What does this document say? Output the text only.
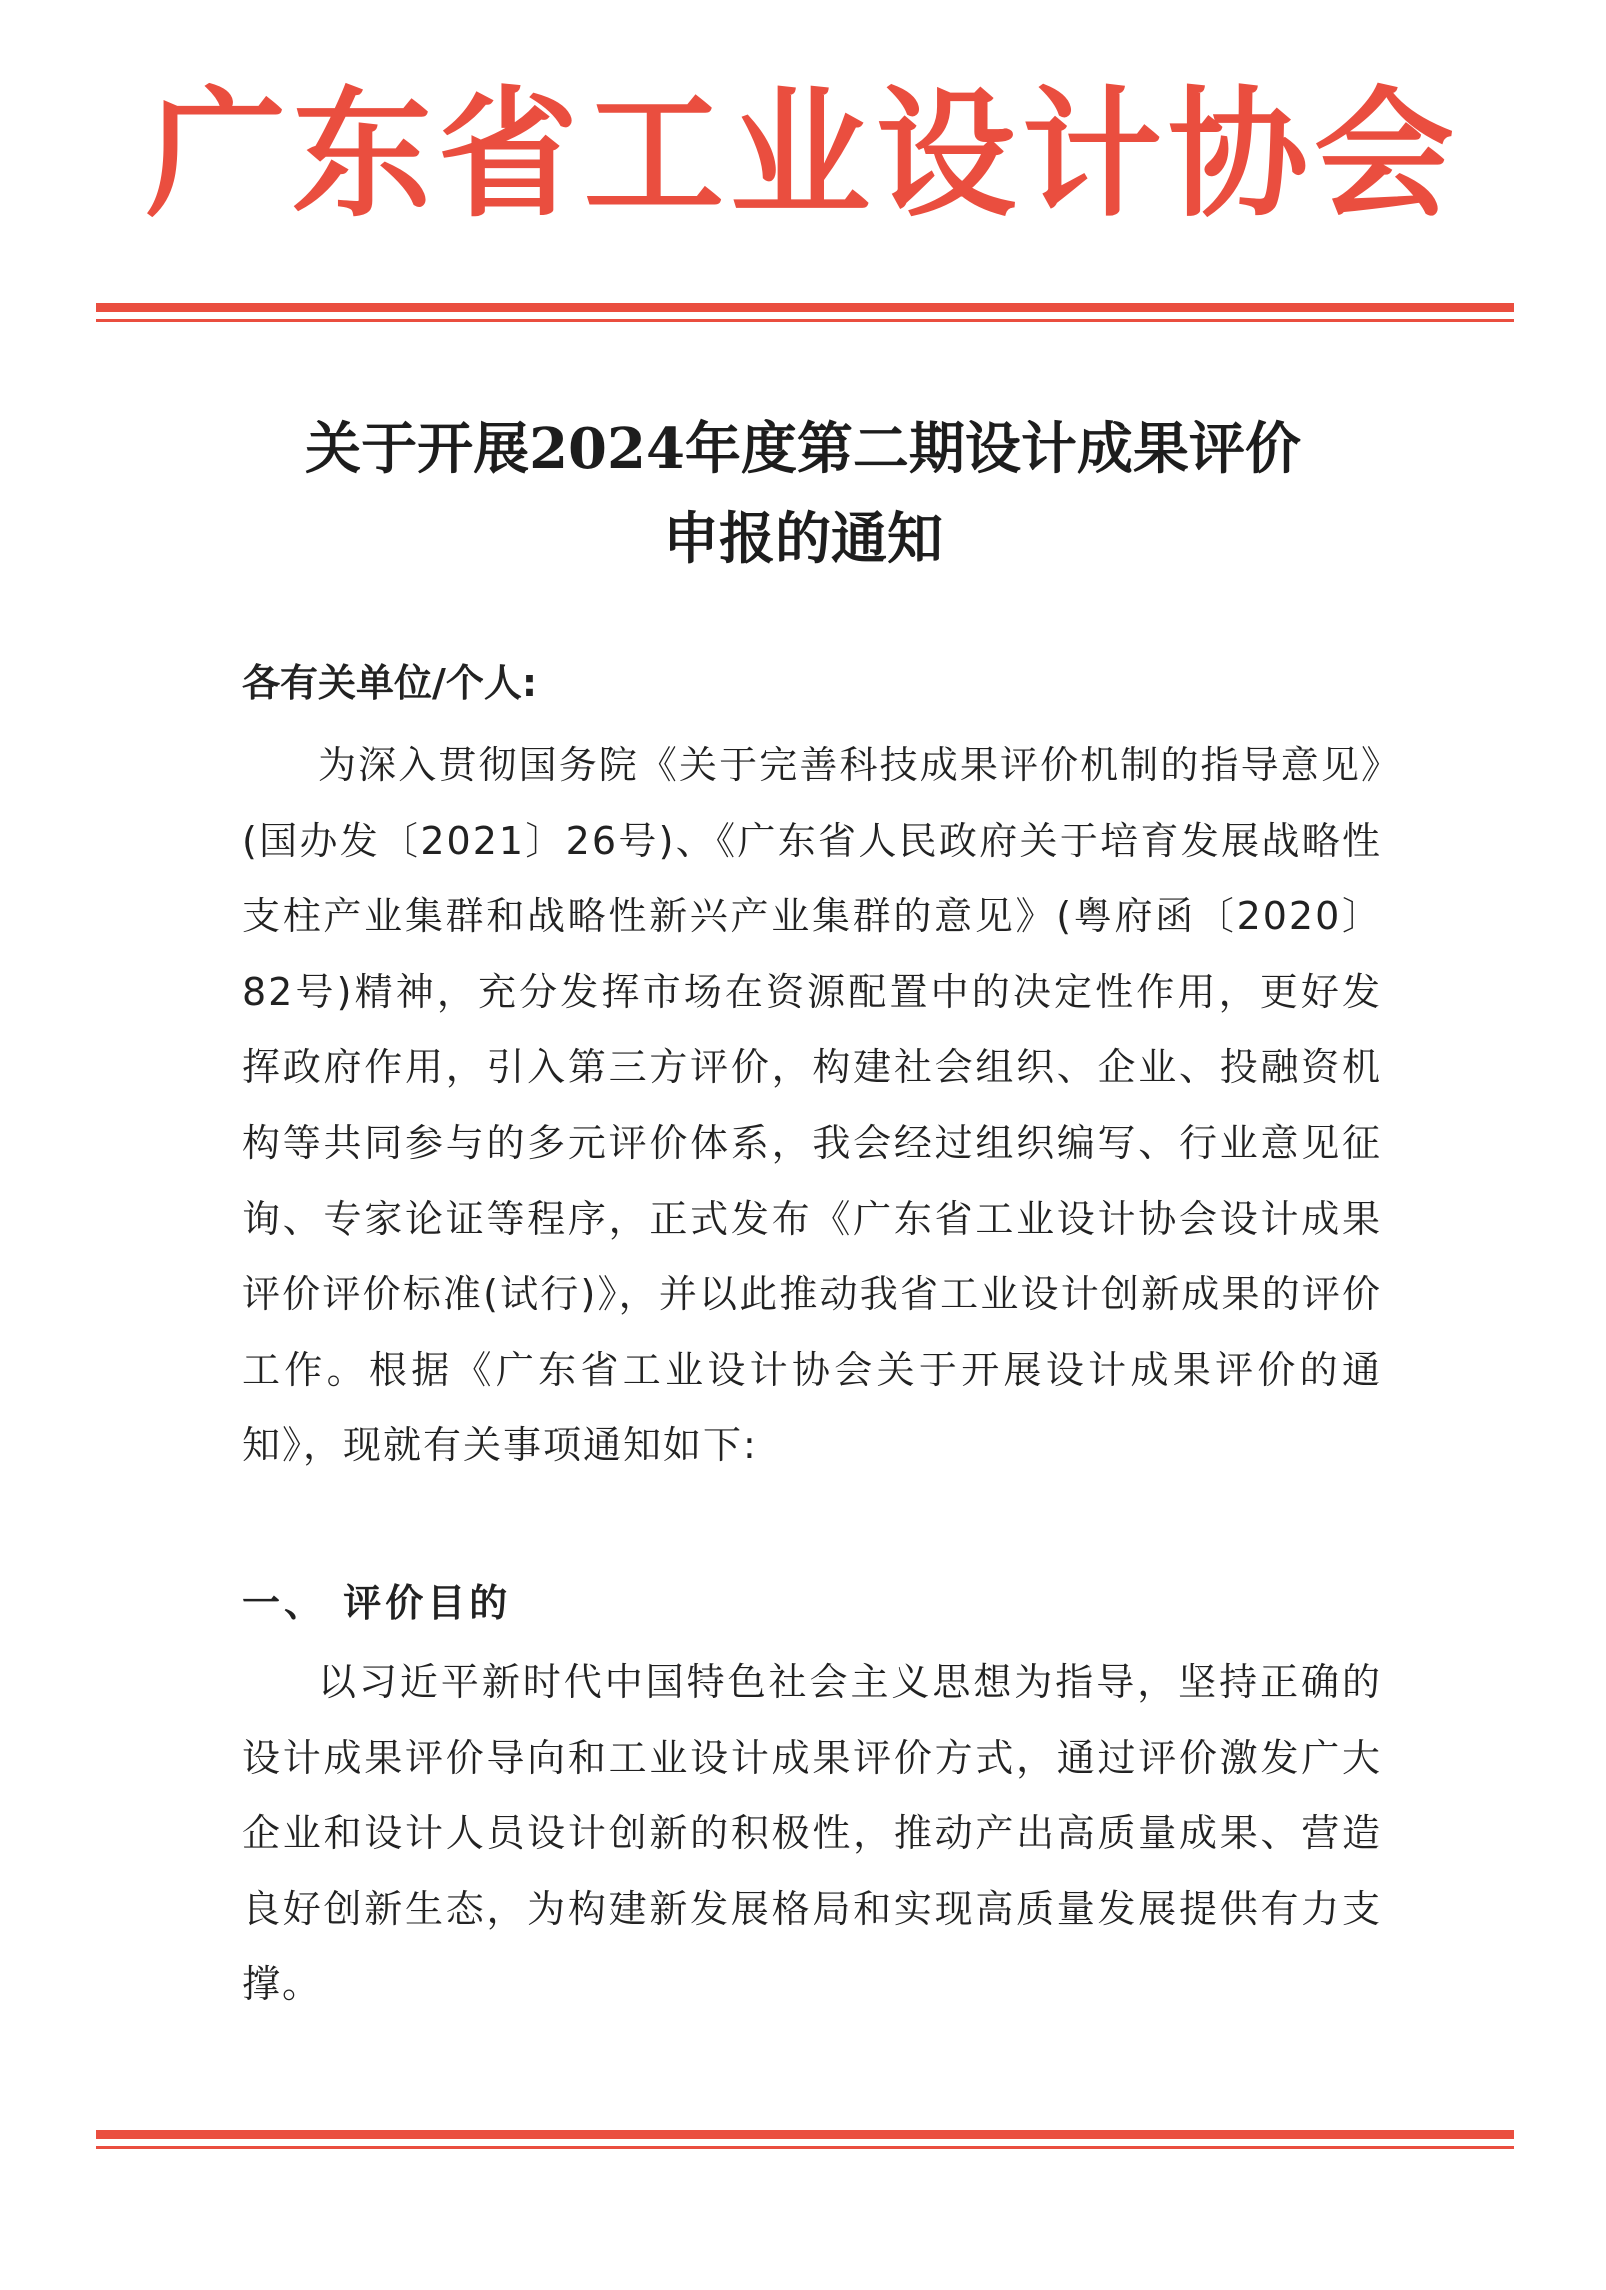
广东省工业设计协会
关于开展2024年度第二期设计成果评价
申报的通知
各有关单位/个人:

为深入贯彻国务院《关于完善科技成果评价机制的指导意见》(国办发〔2021〕26号)、《广东省人民政府关于培育发展战略性支柱产业集群和战略性新兴产业集群的意见》(粤府函〔2020〕82号)精神，充分发挥市场在资源配置中的决定性作用，更好发挥政府作用，引入第三方评价，构建社会组织、企业、投融资机构等共同参与的多元评价体系，我会经过组织编写、行业意见征询、专家论证等程序，正式发布《广东省工业设计协会设计成果评价评价标准(试行)》，并以此推动我省工业设计创新成果的评价工作。根据《广东省工业设计协会关于开展设计成果评价的通知》，现就有关事项通知如下:

一、 评价目的

以习近平新时代中国特色社会主义思想为指导，坚持正确的设计成果评价导向和工业设计成果评价方式，通过评价激发广大企业和设计人员设计创新的积极性，推动产出高质量成果、营造良好创新生态，为构建新发展格局和实现高质量发展提供有力支撑。
